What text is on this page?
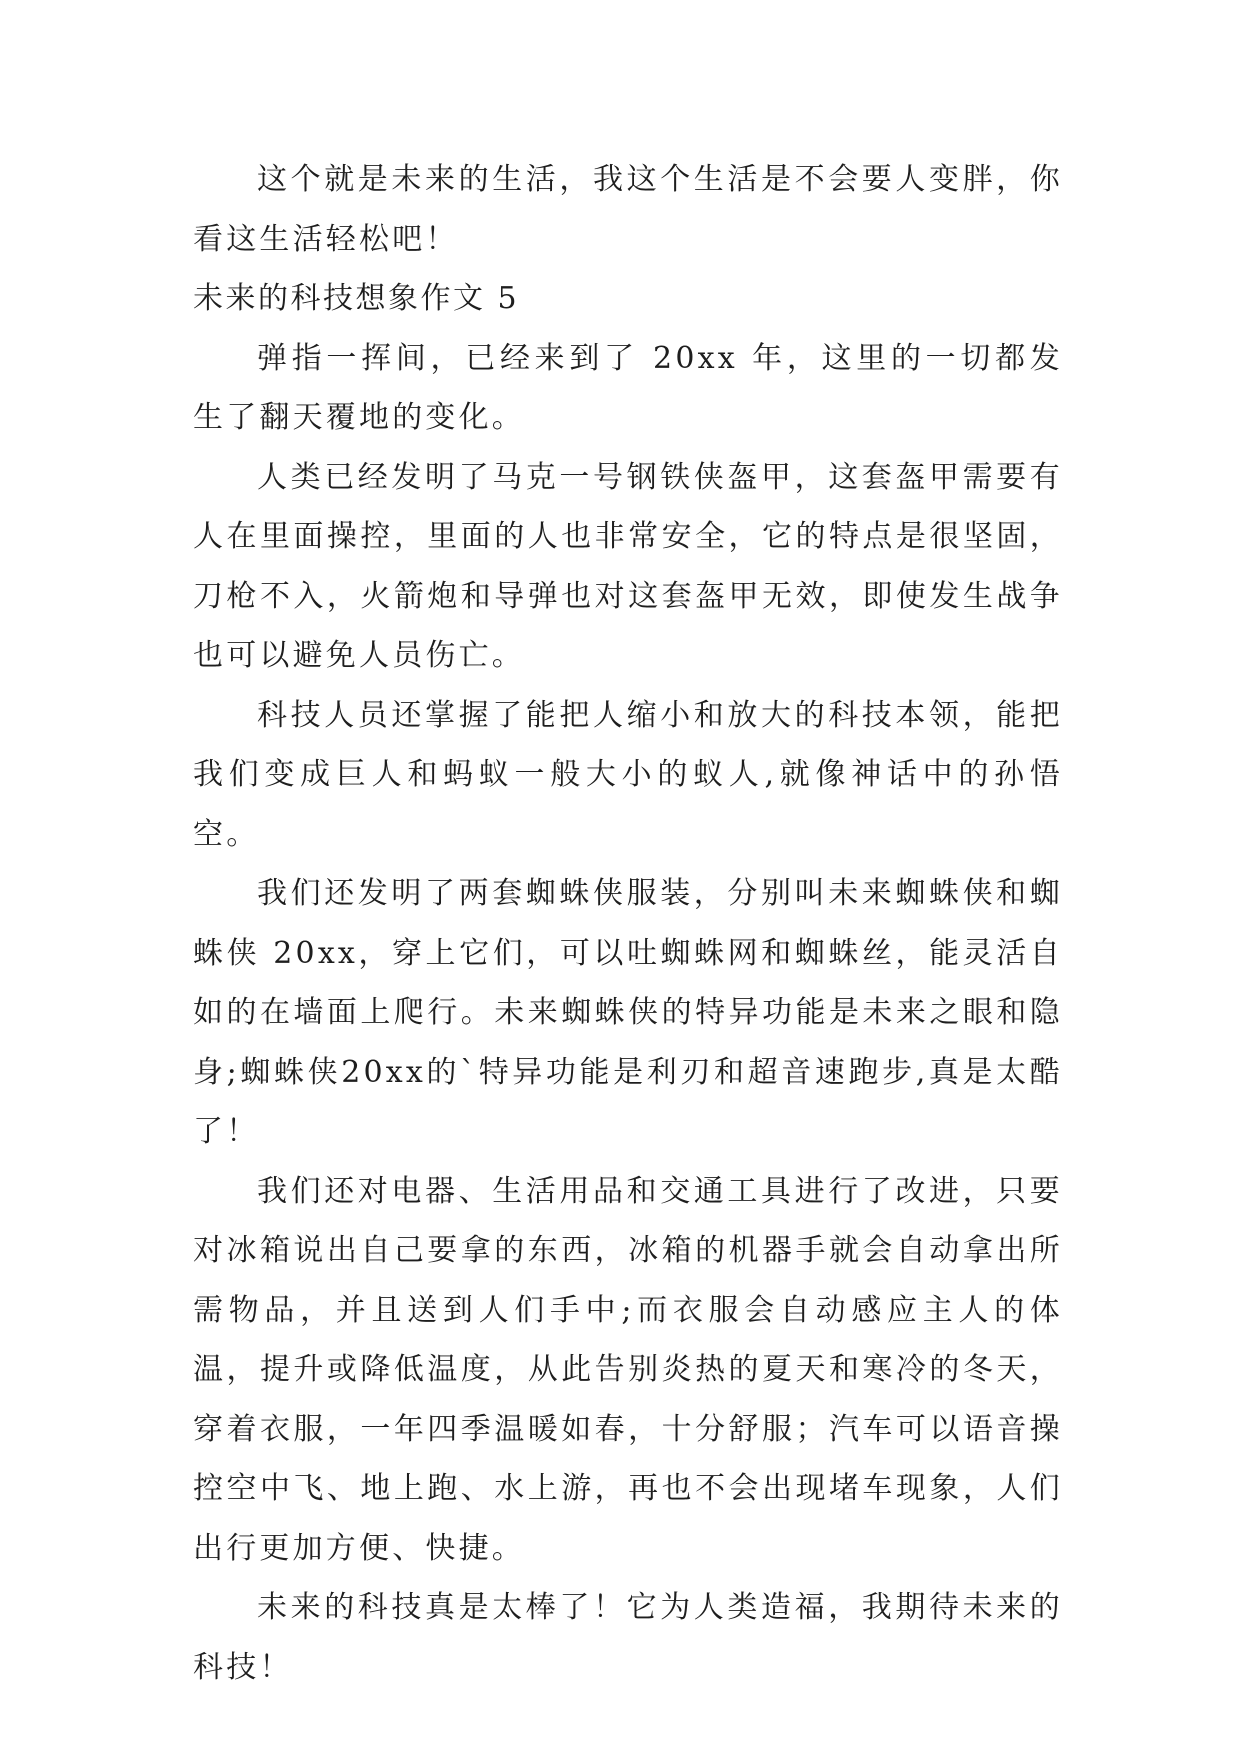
这个就是未来的生活，我这个生活是不会要人变胖，你看这生活轻松吧！

未来的科技想象作文 5

弹指一挥间，已经来到了 20xx 年，这里的一切都发生了翻天覆地的变化。

人类已经发明了马克一号钢铁侠盔甲，这套盔甲需要有人在里面操控，里面的人也非常安全，它的特点是很坚固，刀枪不入，火箭炮和导弹也对这套盔甲无效，即使发生战争也可以避免人员伤亡。

科技人员还掌握了能把人缩小和放大的科技本领，能把我们变成巨人和蚂蚁一般大小的蚁人,就像神话中的孙悟空。

我们还发明了两套蜘蛛侠服装，分别叫未来蜘蛛侠和蜘蛛侠 20xx，穿上它们，可以吐蜘蛛网和蜘蛛丝，能灵活自如的在墙面上爬行。未来蜘蛛侠的特异功能是未来之眼和隐身;蜘蛛侠20xx的`特异功能是利刃和超音速跑步,真是太酷了！

我们还对电器、生活用品和交通工具进行了改进，只要对冰箱说出自己要拿的东西，冰箱的机器手就会自动拿出所需物品，并且送到人们手中;而衣服会自动感应主人的体温，提升或降低温度，从此告别炎热的夏天和寒冷的冬天，穿着衣服，一年四季温暖如春，十分舒服；汽车可以语音操控空中飞、地上跑、水上游，再也不会出现堵车现象，人们出行更加方便、快捷。

未来的科技真是太棒了！它为人类造福，我期待未来的科技！
